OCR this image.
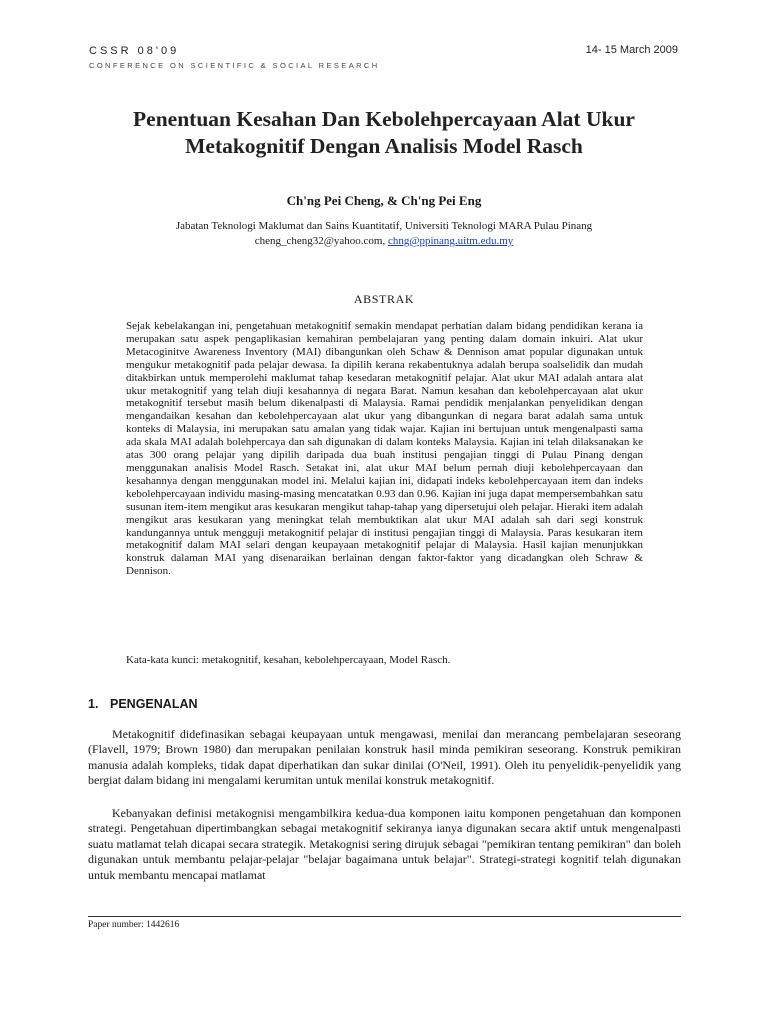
CSSR 08'09
CONFERENCE ON SCIENTIFIC & SOCIAL RESEARCH
14- 15 March 2009
Penentuan Kesahan Dan Kebolehpercayaan Alat Ukur
Metakognitif Dengan Analisis Model Rasch
Ch'ng Pei Cheng, & Ch'ng Pei Eng
Jabatan Teknologi Maklumat dan Sains Kuantitatif, Universiti Teknologi MARA Pulau Pinang
cheng_cheng32@yahoo.com, chng@ppinang.uitm.edu.my
ABSTRAK
Sejak kebelakangan ini, pengetahuan metakognitif semakin mendapat perhatian dalam bidang pendidikan kerana ia merupakan satu aspek pengaplikasian kemahiran pembelajaran yang penting dalam domain inkuiri. Alat ukur Metacoginitve Awareness Inventory (MAI) dibangunkan oleh Schaw & Dennison amat popular digunakan untuk mengukur metakognitif pada pelajar dewasa. Ia dipilih kerana rekabentuknya adalah berupa soalselidik dan mudah ditakbirkan untuk memperolehi maklumat tahap kesedaran metakognitif pelajar. Alat ukur MAI adalah antara alat ukur metakognitif yang telah diuji kesahannya di negara Barat. Namun kesahan dan kebolehpercayaan alat ukur metakognitif tersebut masih belum dikenalpasti di Malaysia. Ramai pendidik menjalankan penyelidikan dengan mengandaikan kesahan dan kebolehpercayaan alat ukur yang dibangunkan di negara barat adalah sama untuk konteks di Malaysia, ini merupakan satu amalan yang tidak wajar. Kajian ini bertujuan untuk mengenalpasti sama ada skala MAI adalah bolehpercaya dan sah digunakan di dalam konteks Malaysia. Kajian ini telah dilaksanakan ke atas 300 orang pelajar yang dipilih daripada dua buah institusi pengajian tinggi di Pulau Pinang dengan menggunakan analisis Model Rasch. Setakat ini, alat ukur MAI belum pernah diuji kebolehpercayaan dan kesahannya dengan menggunakan model ini. Melalui kajian ini, didapati indeks kebolehpercayaan item dan indeks kebolehpercayaan individu masing-masing mencatatkan 0.93 dan 0.96. Kajian ini juga dapat mempersembahkan satu susunan item-item mengikut aras kesukaran mengikut tahap-tahap yang dipersetujui oleh pelajar. Hieraki item adalah mengikut aras kesukaran yang meningkat telah membuktikan alat ukur MAI adalah sah dari segi konstruk kandungannya untuk mengguji metakognitif pelajar di institusi pengajian tinggi di Malaysia. Paras kesukaran item metakognitif dalam MAI selari dengan keupayaan metakognitif pelajar di Malaysia. Hasil kajian menunjukkan konstruk dalaman MAI yang disenaraikan berlainan dengan faktor-faktor yang dicadangkan oleh Schraw & Dennison.
Kata-kata kunci: metakognitif, kesahan, kebolehpercayaan, Model Rasch.
1. PENGENALAN
Metakognitif didefinasikan sebagai keupayaan untuk mengawasi, menilai dan merancang pembelajaran seseorang (Flavell, 1979; Brown 1980) dan merupakan penilaian konstruk hasil minda pemikiran seseorang. Konstruk pemikiran manusia adalah kompleks, tidak dapat diperhatikan dan sukar dinilai (O'Neil, 1991). Oleh itu penyelidik-penyelidik yang bergiat dalam bidang ini mengalami kerumitan untuk menilai konstruk metakognitif.
Kebanyakan definisi metakognisi mengambilkira kedua-dua komponen iaitu komponen pengetahuan dan komponen strategi. Pengetahuan dipertimbangkan sebagai metakognitif sekiranya ianya digunakan secara aktif untuk mengenalpasti suatu matlamat telah dicapai secara strategik. Metakognisi sering dirujuk sebagai "pemikiran tentang pemikiran" dan boleh digunakan untuk membantu pelajar-pelajar "belajar bagaimana untuk belajar". Strategi-strategi kognitif telah digunakan untuk membantu mencapai matlamat
Paper number: 1442616
